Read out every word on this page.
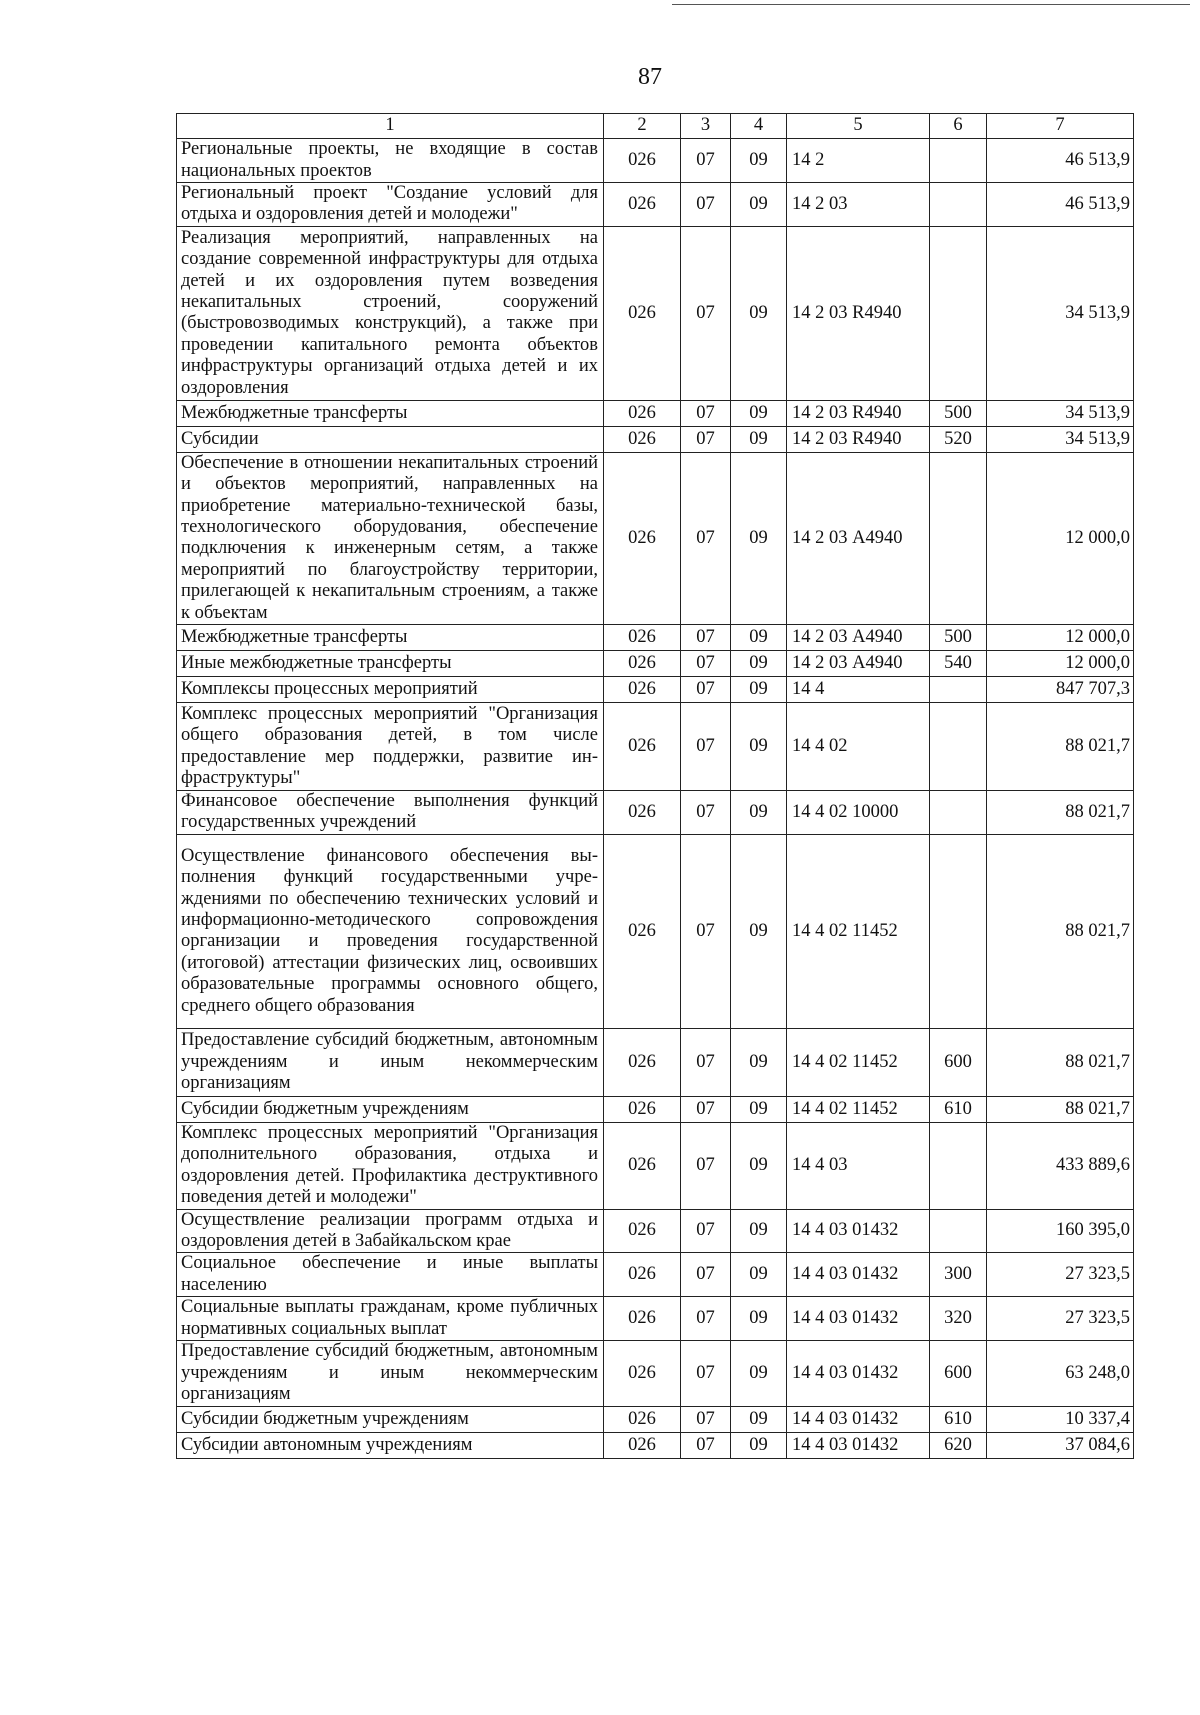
87
1	2	3	4	5	6	7
Региональные проекты, не входящие в состав национальных проектов	026	07	09	14 2		46 513,9
Региональный проект "Создание условий для отдыха и оздоровления детей и молодежи"	026	07	09	14 2 03		46 513,9
Реализация мероприятий, направленных на создание современной инфраструктуры для отдыха детей и их оздоровления путем возведения некапитальных строений, сооружений (быстровозводимых конструкций), а также при проведении капитального ремонта объектов инфраструктуры организаций отдыха детей и их оздоровления	026	07	09	14 2 03 R4940		34 513,9
Межбюджетные трансферты	026	07	09	14 2 03 R4940	500	34 513,9
Субсидии	026	07	09	14 2 03 R4940	520	34 513,9
Обеспечение в отношении некапитальных строений и объектов мероприятий, направленных на приобретение материально-технической базы, технологического оборудования, обеспечение подключения к инженерным сетям, а также мероприятий по благоустройству территории, прилегающей к некапитальным строениям, а также к объектам	026	07	09	14 2 03 А4940		12 000,0
Межбюджетные трансферты	026	07	09	14 2 03 А4940	500	12 000,0
Иные межбюджетные трансферты	026	07	09	14 2 03 А4940	540	12 000,0
Комплексы процессных мероприятий	026	07	09	14 4		847 707,3
Комплекс процессных мероприятий "Организация общего образования детей, в том числе предоставление мер поддержки, развитие инфраструктуры"	026	07	09	14 4 02		88 021,7
Финансовое обеспечение выполнения функций государственных учреждений	026	07	09	14 4 02 10000		88 021,7
Осуществление финансового обеспечения выполнения функций государственными учреждениями по обеспечению технических условий и информационно-методического сопровождения организации и проведения государственной (итоговой) аттестации физических лиц, освоивших образовательные программы основного общего, среднего общего образования	026	07	09	14 4 02 11452		88 021,7
Предоставление субсидий бюджетным, автономным учреждениям и иным некоммерческим организациям	026	07	09	14 4 02 11452	600	88 021,7
Субсидии бюджетным учреждениям	026	07	09	14 4 02 11452	610	88 021,7
Комплекс процессных мероприятий "Организация дополнительного образования, отдыха и оздоровления детей. Профилактика деструктивного поведения детей и молодежи"	026	07	09	14 4 03		433 889,6
Осуществление реализации программ отдыха и оздоровления детей в Забайкальском крае	026	07	09	14 4 03 01432		160 395,0
Социальное обеспечение и иные выплаты населению	026	07	09	14 4 03 01432	300	27 323,5
Социальные выплаты гражданам, кроме публичных нормативных социальных выплат	026	07	09	14 4 03 01432	320	27 323,5
Предоставление субсидий бюджетным, автономным учреждениям и иным некоммерческим организациям	026	07	09	14 4 03 01432	600	63 248,0
Субсидии бюджетным учреждениям	026	07	09	14 4 03 01432	610	10 337,4
Субсидии автономным учреждениям	026	07	09	14 4 03 01432	620	37 084,6
